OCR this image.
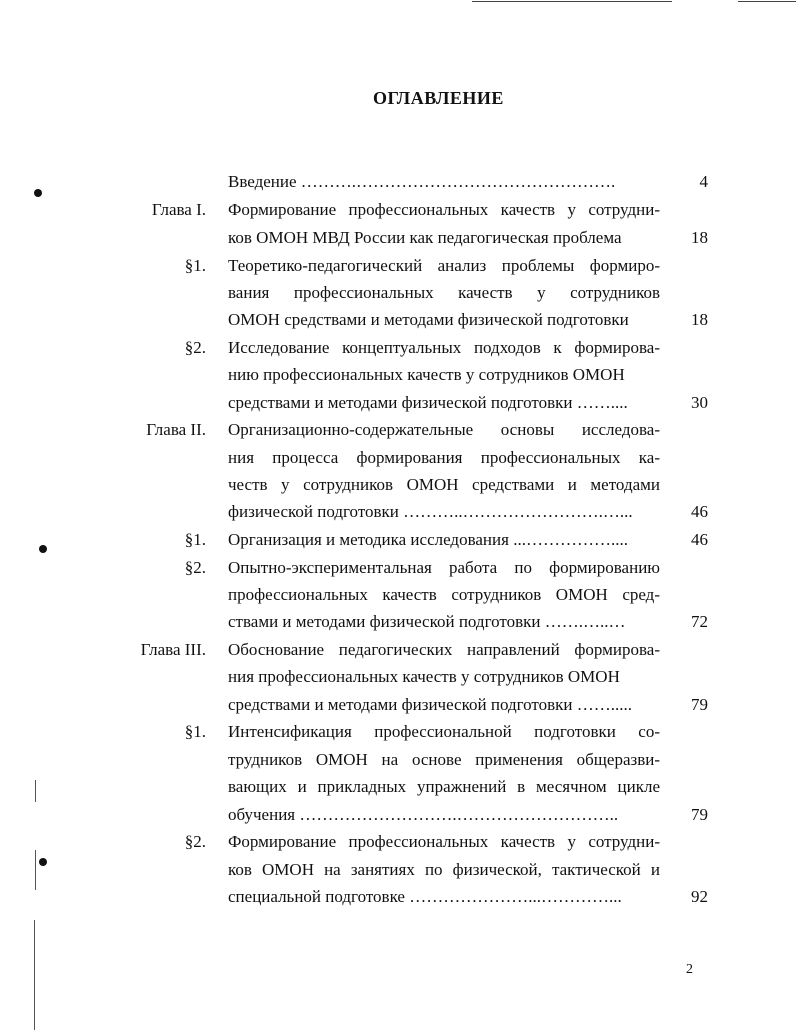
ОГЛАВЛЕНИЕ
Введение ……….……………………………………….	4
Глава I. Формирование профессиональных качеств у сотрудни-
ков ОМОН МВД России как педагогическая проблема	18
§1. Теоретико-педагогический анализ проблемы формиро-
вания профессиональных качеств у сотрудников
ОМОН средствами и методами физической подготовки	18
§2. Исследование концептуальных подходов к формирова-
нию профессиональных качеств у сотрудников ОМОН
средствами и методами физической подготовки ……....	30
Глава II. Организационно-содержательные основы исследова-
ния процесса формирования профессиональных ка-
честв у сотрудников ОМОН средствами и методами
физической подготовки ………..…………………….…...	46
§1. Организация и методика исследования ...……………....	46
§2. Опытно-экспериментальная работа по формированию
профессиональных качеств сотрудников ОМОН сред-
ствами и методами физической подготовки …….…..…	72
Глава III. Обоснование педагогических направлений формирова-
ния профессиональных качеств у сотрудников ОМОН
средствами и методами физической подготовки …….....	79
§1. Интенсификация профессиональной подготовки со-
трудников ОМОН на основе применения общеразви-
вающих и прикладных упражнений в месячном цикле
обучения ……………………….………………………..	79
§2. Формирование профессиональных качеств у сотрудни-
ков ОМОН на занятиях по физической, тактической и
специальной подготовке …………………...…………...	92
2
